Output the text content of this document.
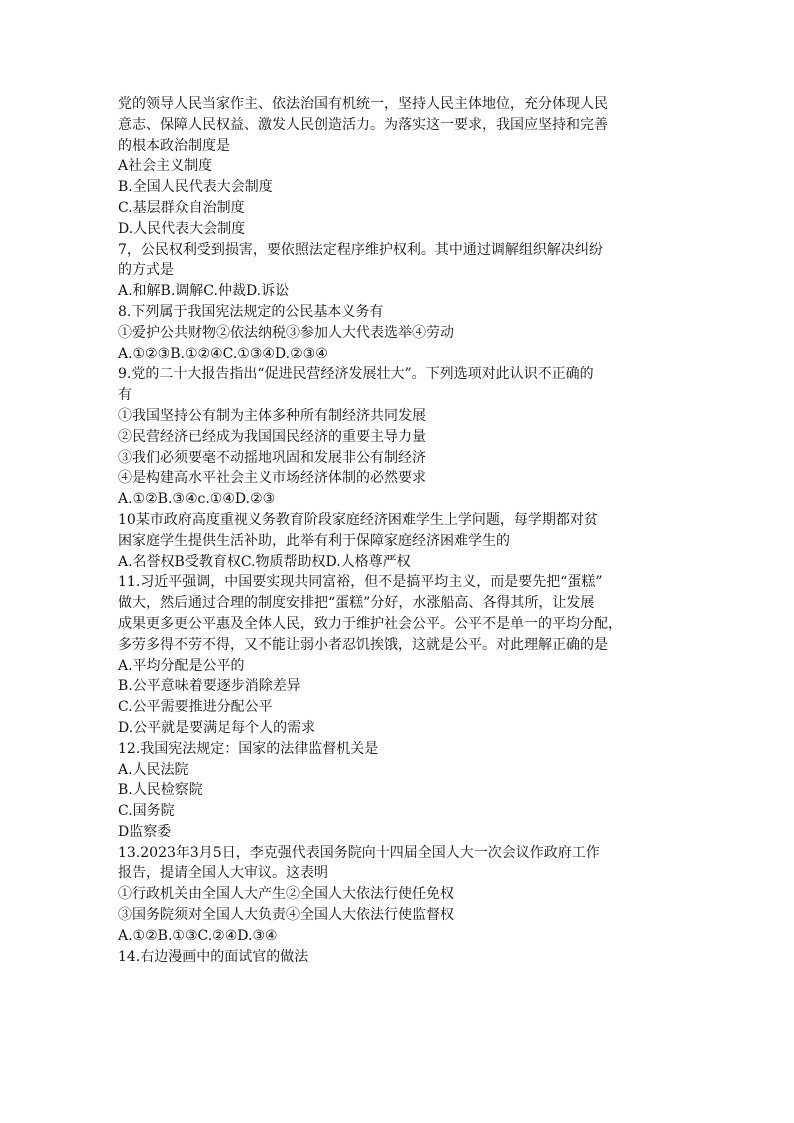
党的领导人民当家作主、依法治国有机统一，坚持人民主体地位，充分体现人民
意志、保障人民权益、激发人民创造活力。为落实这一要求，我国应坚持和完善
的根本政治制度是
A社会主义制度
B.全国人民代表大会制度
C.基层群众自治制度
D.人民代表大会制度
7，公民权利受到损害，要依照法定程序维护权利。其中通过调解组织解决纠纷
的方式是
A.和解B.调解C.仲裁D.诉讼
8.下列属于我国宪法规定的公民基本义务有
①爱护公共财物②依法纳税③参加人大代表选举④劳动
A.①②③B.①②④C.①③④D.②③④
9.党的二十大报告指出“促进民营经济发展壮大”。下列选项对此认识不正确的
有
①我国坚持公有制为主体多种所有制经济共同发展
②民营经济已经成为我国国民经济的重要主导力量
③我们必须要毫不动摇地巩固和发展非公有制经济
④是构建高水平社会主义市场经济体制的必然要求
A.①②B.③④c.①④D.②③
10某市政府高度重视义务教育阶段家庭经济困难学生上学问题，每学期都对贫
困家庭学生提供生活补助，此举有利于保障家庭经济困难学生的
A.名誉权B受教育权C.物质帮助权D.人格尊严权
11.习近平强调，中国要实现共同富裕，但不是搞平均主义，而是要先把“蛋糕”
做大，然后通过合理的制度安排把“蛋糕”分好，水涨船高、各得其所，让发展
成果更多更公平惠及全体人民，致力于维护社会公平。公平不是单一的平均分配，
多劳多得不劳不得，又不能让弱小者忍饥挨饿，这就是公平。对此理解正确的是
A.平均分配是公平的
B.公平意味着要逐步消除差异
C.公平需要推进分配公平
D.公平就是要满足每个人的需求
12.我国宪法规定：国家的法律监督机关是
A.人民法院
B.人民检察院
C.国务院
D监察委
13.2023年3月5日，李克强代表国务院向十四届全国人大一次会议作政府工作
报告，提请全国人大审议。这表明
①行政机关由全国人大产生②全国人大依法行使任免权
③国务院须对全国人大负责④全国人大依法行使监督权
A.①②B.①③C.②④D.③④
14.右边漫画中的面试官的做法
